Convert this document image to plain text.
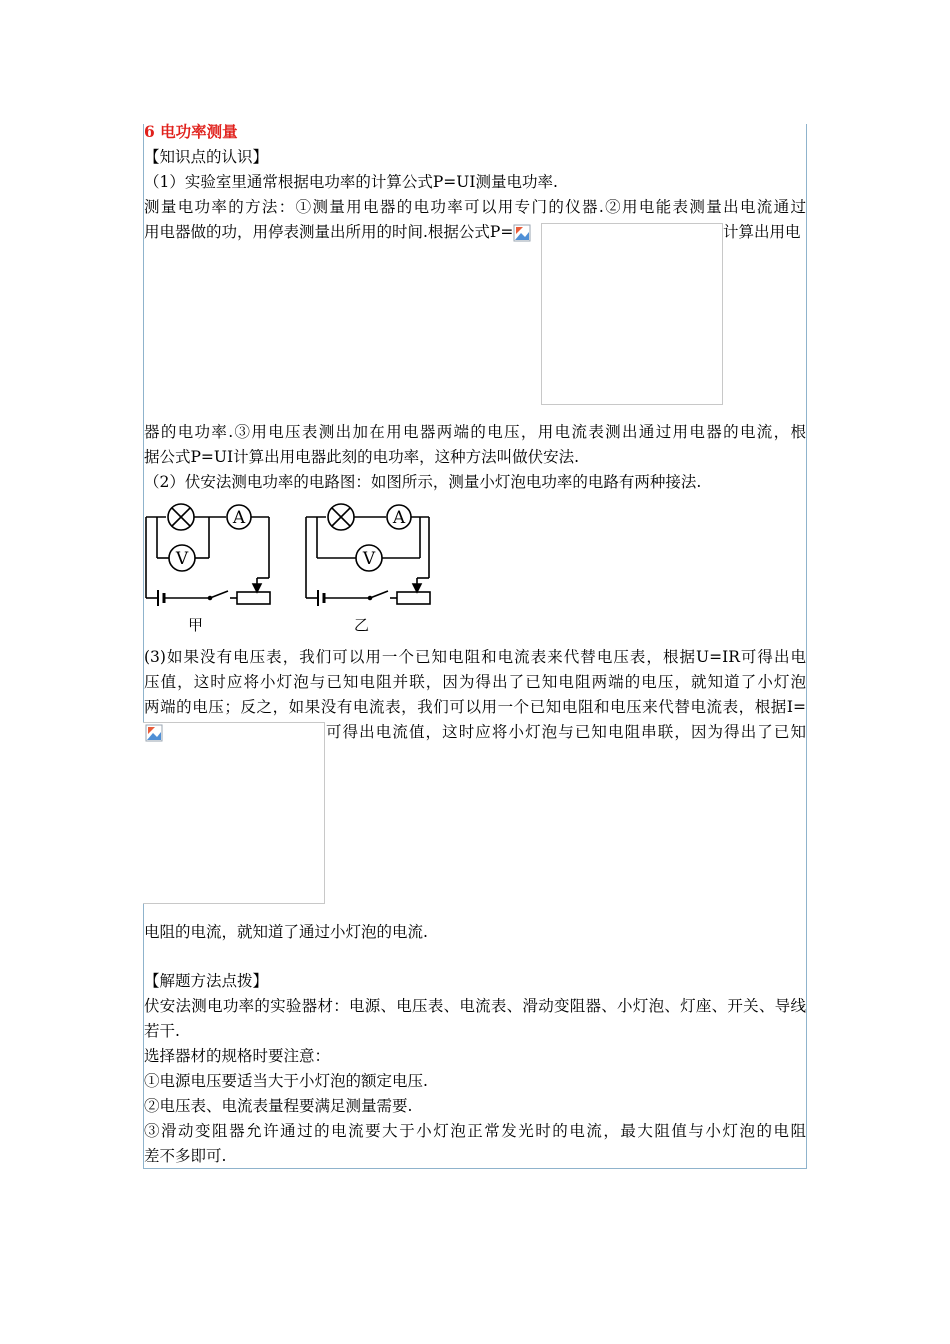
6 电功率测量
【知识点的认识】
（1）实验室里通常根据电功率的计算公式P=UI测量电功率.
测量电功率的方法：①测量用电器的电功率可以用专门的仪器.②用电能表测量出电流通过
用电器做的功，用停表测量出所用的时间.根据公式P=	计算出用电
器的电功率.③用电压表测出加在用电器两端的电压，用电流表测出通过用电器的电流，根
据公式P=UI计算出用电器此刻的电功率，这种方法叫做伏安法.
（2）伏安法测电功率的电路图：如图所示，测量小灯泡电功率的电路有两种接法.
A
V
A
V
甲	乙
(3)如果没有电压表，我们可以用一个已知电阻和电流表来代替电压表，根据U=IR可得出电
压值，这时应将小灯泡与已知电阻并联，因为得出了已知电阻两端的电压，就知道了小灯泡
两端的电压；反之，如果没有电流表，我们可以用一个已知电阻和电压来代替电流表，根据I=
可得出电流值，这时应将小灯泡与已知电阻串联，因为得出了已知
电阻的电流，就知道了通过小灯泡的电流.
【解题方法点拨】
伏安法测电功率的实验器材：电源、电压表、电流表、滑动变阻器、小灯泡、灯座、开关、导线
若干.
选择器材的规格时要注意：
①电源电压要适当大于小灯泡的额定电压.
②电压表、电流表量程要满足测量需要.
③滑动变阻器允许通过的电流要大于小灯泡正常发光时的电流，最大阻值与小灯泡的电阻
差不多即可.
